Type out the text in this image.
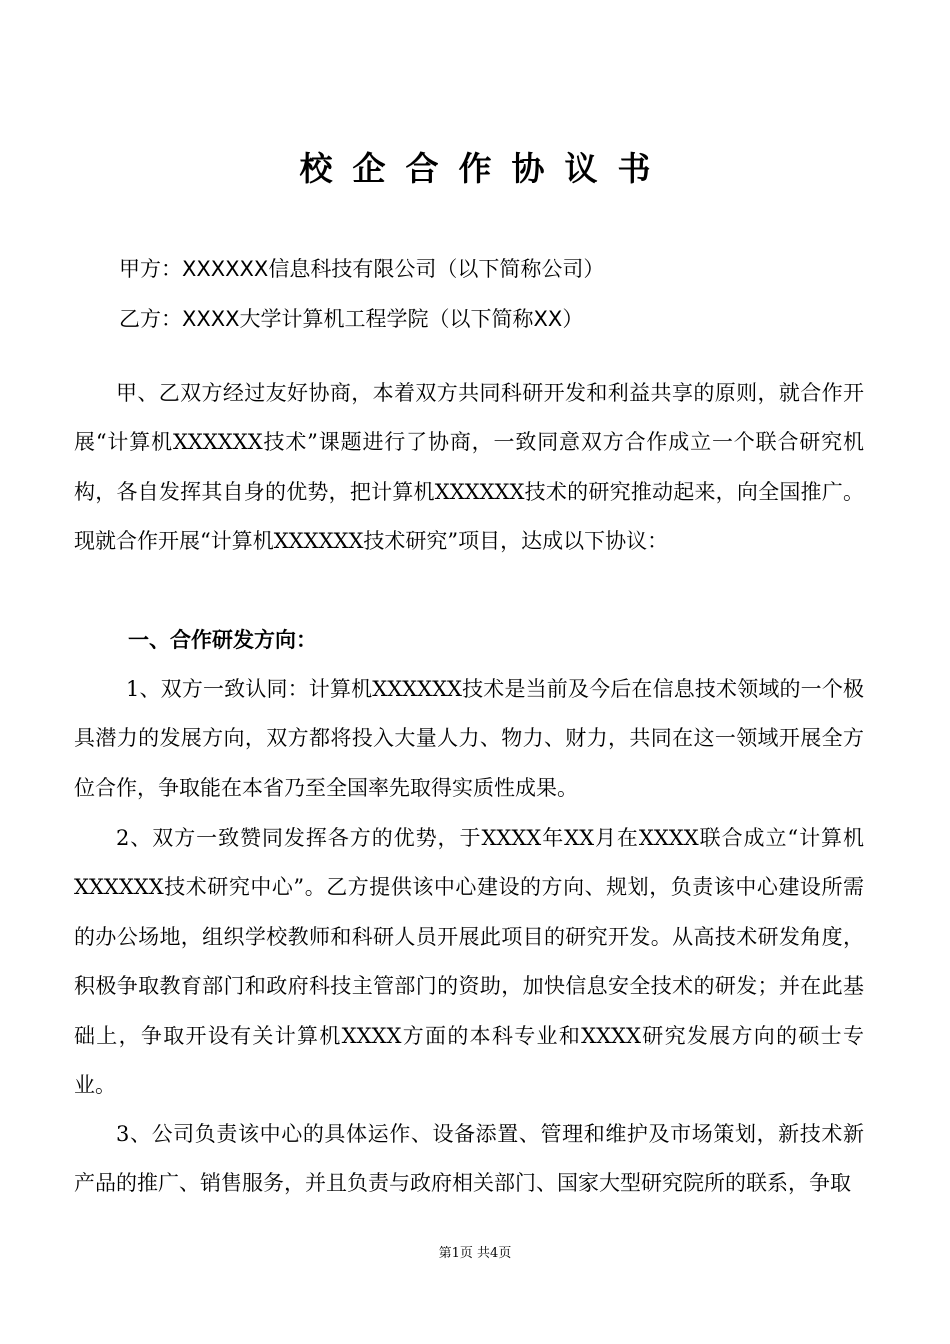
校企合作协议书
甲方：XXXXXX信息科技有限公司（以下简称公司）
乙方：XXXX大学计算机工程学院（以下简称XX）

甲、乙双方经过友好协商，本着双方共同科研开发和利益共享的原则，就合作开展“计算机XXXXXX技术”课题进行了协商，一致同意双方合作成立一个联合研究机构，各自发挥其自身的优势，把计算机XXXXXX技术的研究推动起来，向全国推广。现就合作开展“计算机XXXXXX技术研究”项目，达成以下协议：

一、合作研发方向：

1、双方一致认同：计算机XXXXXX技术是当前及今后在信息技术领域的一个极具潜力的发展方向，双方都将投入大量人力、物力、财力，共同在这一领域开展全方位合作，争取能在本省乃至全国率先取得实质性成果。

2、双方一致赞同发挥各方的优势，于XXXX年XX月在XXXX联合成立“计算机XXXXXX技术研究中心”。乙方提供该中心建设的方向、规划，负责该中心建设所需的办公场地，组织学校教师和科研人员开展此项目的研究开发。从高技术研发角度，积极争取教育部门和政府科技主管部门的资助，加快信息安全技术的研发；并在此基础上，争取开设有关计算机XXXX方面的本科专业和XXXX研究发展方向的硕士专业。

3、公司负责该中心的具体运作、设备添置、管理和维护及市场策划，新技术新产品的推广、销售服务，并且负责与政府相关部门、国家大型研究院所的联系，争取

第1页 共4页
